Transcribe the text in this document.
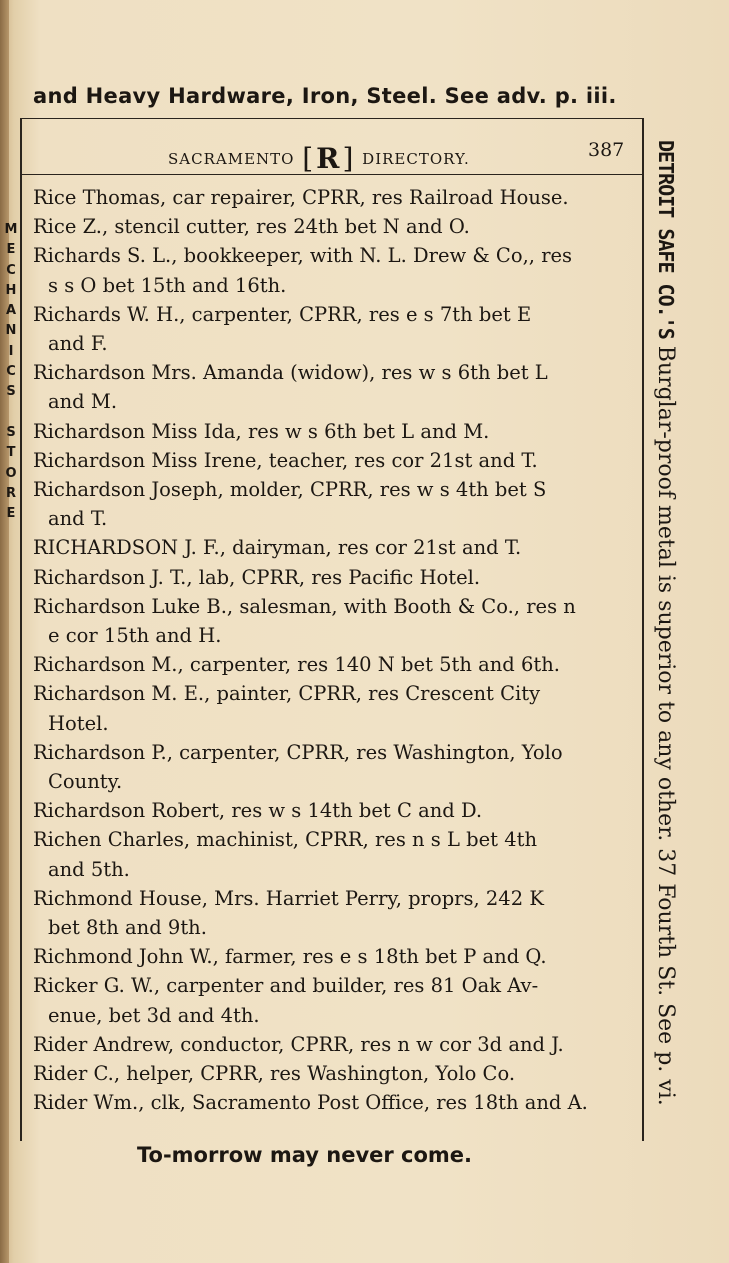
and Heavy Hardware, Iron, Steel. See adv. p. iii.
SACRAMENTO [R] DIRECTORY.	387
Rice Thomas, car repairer, CPRR, res Railroad House.
Rice Z., stencil cutter, res 24th bet N and O.
Richards S. L., bookkeeper, with N. L. Drew & Co,, res
s s O bet 15th and 16th.
Richards W. H., carpenter, CPRR, res e s 7th bet E
and F.
Richardson Mrs. Amanda (widow), res w s 6th bet L
and M.
Richardson Miss Ida, res w s 6th bet L and M.
Richardson Miss Irene, teacher, res cor 21st and T.
Richardson Joseph, molder, CPRR, res w s 4th bet S
and T.
RICHARDSON J. F., dairyman, res cor 21st and T.
Richardson J. T., lab, CPRR, res Pacific Hotel.
Richardson Luke B., salesman, with Booth & Co., res n
e cor 15th and H.
Richardson M., carpenter, res 140 N bet 5th and 6th.
Richardson M. E., painter, CPRR, res Crescent City
Hotel.
Richardson P., carpenter, CPRR, res Washington, Yolo
County.
Richardson Robert, res w s 14th bet C and D.
Richen Charles, machinist, CPRR, res n s L bet 4th
and 5th.
Richmond House, Mrs. Harriet Perry, proprs, 242 K
bet 8th and 9th.
Richmond John W., farmer, res e s 18th bet P and Q.
Ricker G. W., carpenter and builder, res 81 Oak Av-
enue, bet 3d and 4th.
Rider Andrew, conductor, CPRR, res n w cor 3d and J.
Rider C., helper, CPRR, res Washington, Yolo Co.
Rider Wm., clk, Sacramento Post Office, res 18th and A.
DETROIT SAFE CO.'S Burglar-proof metal is superior to any other. 37 Fourth St. See p. vi.
M
E
C
H
A
N
I
C
S

S
T
O
R
E
To-morrow may never come.
